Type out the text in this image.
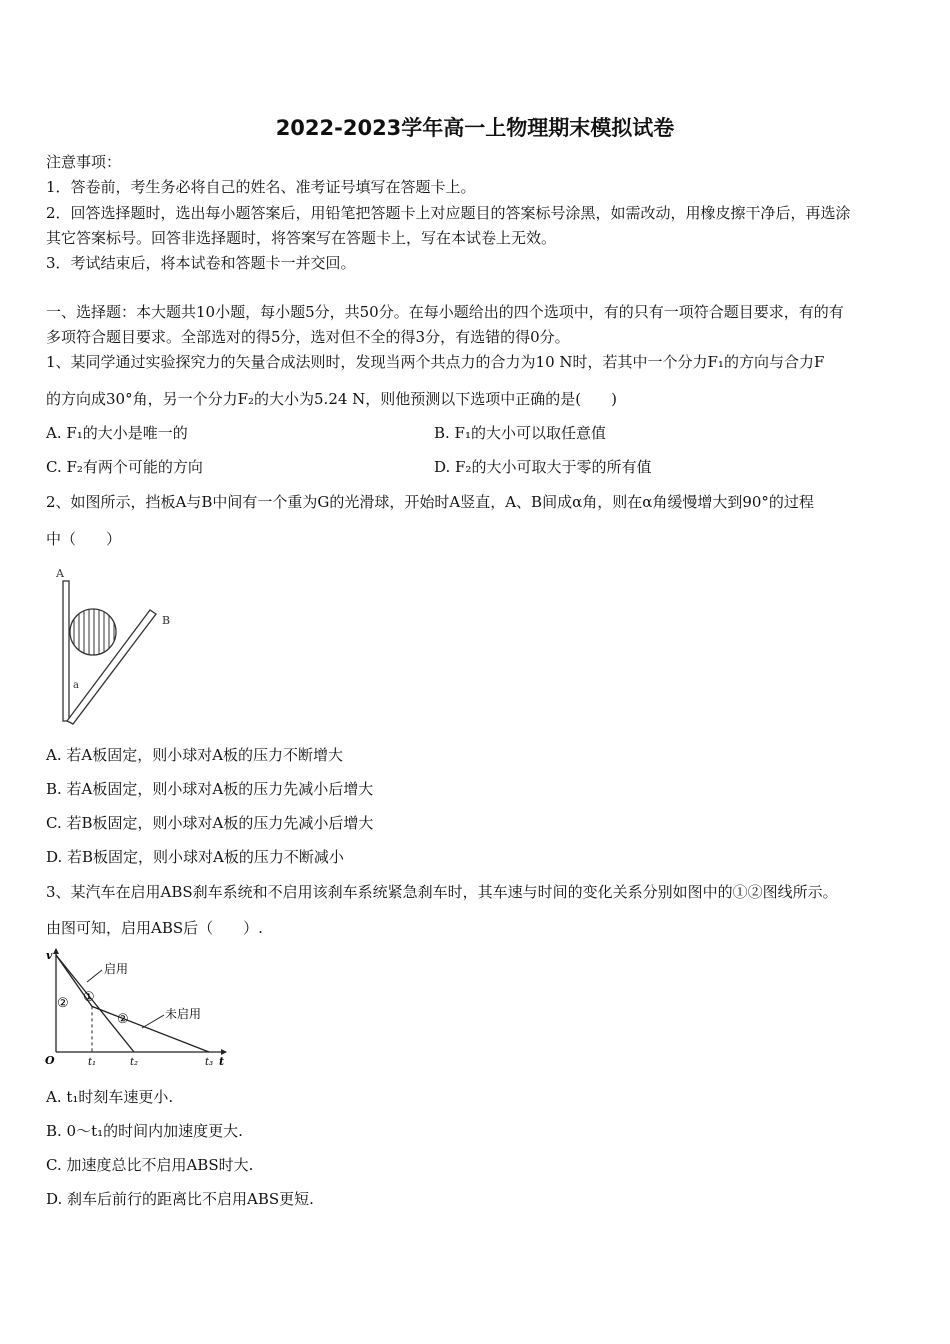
2022-2023学年高一上物理期末模拟试卷
注意事项：
1．答卷前，考生务必将自己的姓名、准考证号填写在答题卡上。
2．回答选择题时，选出每小题答案后，用铅笔把答题卡上对应题目的答案标号涂黑，如需改动，用橡皮擦干净后，再选涂
其它答案标号。回答非选择题时，将答案写在答题卡上，写在本试卷上无效。
3．考试结束后，将本试卷和答题卡一并交回。
一、选择题：本大题共10小题，每小题5分，共50分。在每小题给出的四个选项中，有的只有一项符合题目要求，有的有
多项符合题目要求。全部选对的得5分，选对但不全的得3分，有选错的得0分。
1、某同学通过实验探究力的矢量合成法则时，发现当两个共点力的合力为10 N时，若其中一个分力F₁的方向与合力F
的方向成30°角，另一个分力F₂的大小为5.24 N，则他预测以下选项中正确的是(　　)
A. F₁的大小是唯一的	B. F₁的大小可以取任意值
C. F₂有两个可能的方向	D. F₂的大小可取大于零的所有值
2、如图所示，挡板A与B中间有一个重为G的光滑球，开始时A竖直，A、B间成α角，则在α角缓慢增大到90°的过程
中（　　）
A
B
a
A. 若A板固定，则小球对A板的压力不断增大
B. 若A板固定，则小球对A板的压力先减小后增大
C. 若B板固定，则小球对A板的压力先减小后增大
D. 若B板固定，则小球对A板的压力不断减小
3、某汽车在启用ABS刹车系统和不启用该刹车系统紧急刹车时，其车速与时间的变化关系分别如图中的①②图线所示。
由图可知，启用ABS后（　　）.
v
t
O	t₁	t₂	t₃
启用
未启用
①
②
②
A. t₁时刻车速更小.
B. 0～t₁的时间内加速度更大.
C. 加速度总比不启用ABS时大.
D. 刹车后前行的距离比不启用ABS更短.
